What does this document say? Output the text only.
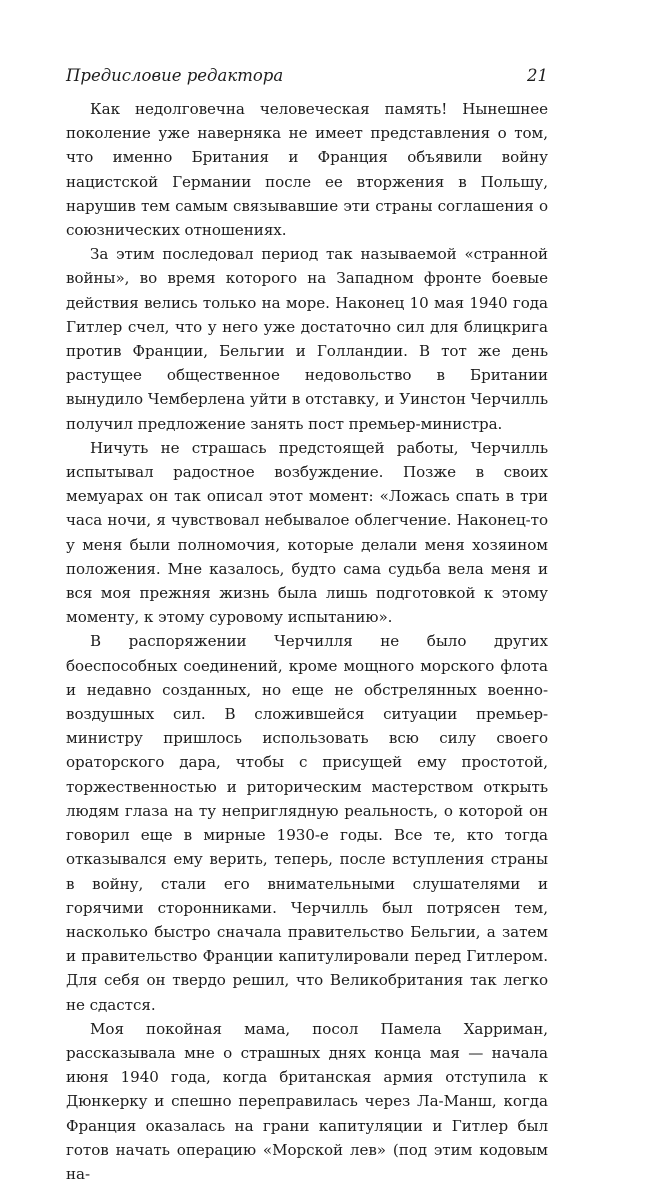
Предисловие редактора	21

Как недолговечна человеческая память! Нынешнее поколение уже наверняка не имеет представления о том, что именно Британия и Франция объявили войну нацистской Германии после ее вторжения в Польшу, нарушив тем самым связывавшие эти страны соглашения о союзнических отношениях.

За этим последовал период так называемой «странной войны», во время которого на Западном фронте боевые действия велись только на море. Наконец 10 мая 1940 года Гитлер счел, что у него уже достаточно сил для блицкрига против Франции, Бельгии и Голландии. В тот же день растущее общественное недовольство в Британии вынудило Чемберлена уйти в отставку, и Уинстон Черчилль получил предложение занять пост премьер-министра.

Ничуть не страшась предстоящей работы, Черчилль испытывал радостное возбуждение. Позже в своих мемуарах он так описал этот момент: «Ложась спать в три часа ночи, я чувствовал небывалое облегчение. Наконец-то у меня были полномочия, которые делали меня хозяином положения. Мне казалось, будто сама судьба вела меня и вся моя прежняя жизнь была лишь подготовкой к этому моменту, к этому суровому испытанию».

В распоряжении Черчилля не было других боеспособных соединений, кроме мощного морского флота и недавно созданных, но еще не обстрелянных военно-воздушных сил. В сложившейся ситуации премьер-министру пришлось использовать всю силу своего ораторского дара, чтобы с присущей ему простотой, торжественностью и риторическим мастерством открыть людям глаза на ту неприглядную реальность, о которой он говорил еще в мирные 1930-е годы. Все те, кто тогда отказывался ему верить, теперь, после вступления страны в войну, стали его внимательными слушателями и горячими сторонниками. Черчилль был потрясен тем, насколько быстро сначала правительство Бельгии, а затем и правительство Франции капитулировали перед Гитлером. Для себя он твердо решил, что Великобритания так легко не сдастся.

Моя покойная мама, посол Памела Харриман, рассказывала мне о страшных днях конца мая — начала июня 1940 года, когда британская армия отступила к Дюнкерку и спешно переправилась через Ла-Манш, когда Франция оказалась на грани капитуляции и Гитлер был готов начать операцию «Морской лев» (под этим кодовым на-
